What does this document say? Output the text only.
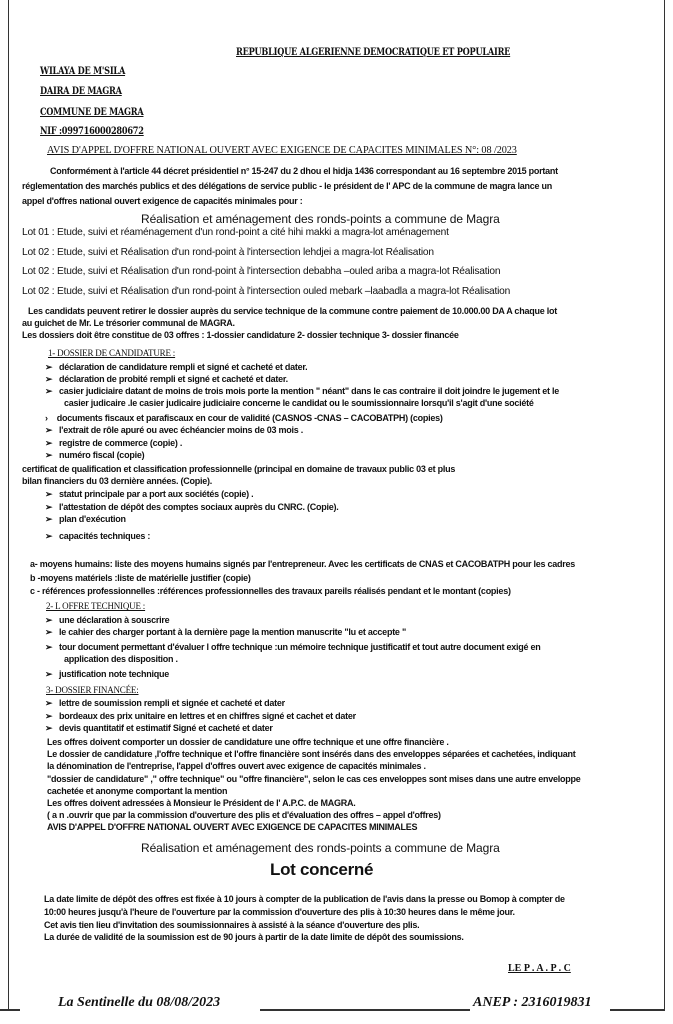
REPUBLIQUE ALGERIENNE DEMOCRATIQUE ET POPULAIRE
WILAYA DE M'SILA
DAIRA DE MAGRA
COMMUNE DE MAGRA
NIF :099716000280672
AVIS D'APPEL D'OFFRE NATIONAL OUVERT AVEC EXIGENCE DE CAPACITES MINIMALES N°: 08 /2023
Conformément à l'article 44 décret présidentiel n° 15-247 du 2 dhou el hidja 1436 correspondant au 16 septembre 2015 portant
réglementation des marchés publics et des délégations de service public - le président de l' APC de la commune de magra lance un
appel d'offres national ouvert exigence de capacités minimales pour :
Réalisation et aménagement des ronds-points a commune de Magra
Lot 01 : Etude, suivi et réaménagement d'un rond-point a cité hihi makki a magra-lot aménagement
Lot 02 : Etude, suivi et Réalisation d'un rond-point à l'intersection lehdjei a magra-lot Réalisation
Lot 02 : Etude, suivi et Réalisation d'un rond-point à l'intersection debabha –ouled ariba a magra-lot Réalisation
Lot 02 : Etude, suivi et Réalisation d'un rond-point à l'intersection ouled mebark –laabadla a magra-lot Réalisation
Les candidats peuvent retirer le dossier auprès du service technique de la commune contre paiement de 10.000.00 DA A chaque lot
au guichet de Mr. Le trésorier communal de MAGRA.
Les dossiers doit être constitue de 03 offres : 1-dossier candidature 2- dossier technique 3- dossier financée
1- DOSSIER DE CANDIDATURE :
➢   déclaration de candidature rempli et signé et cacheté et dater.
➢   déclaration de probité rempli et signé et cacheté et dater.
➢   casier judiciaire datant de moins de trois mois porte la mention " néant" dans le cas contraire il doit joindre le jugement et le
casier judicaire .le casier judicaire judiciaire concerne le candidat ou le soumissionnaire lorsqu'il s'agit d'une société
›    documents fiscaux et parafiscaux en cour de validité (CASNOS -CNAS – CACOBATPH) (copies)
➢   l'extrait de rôle apuré ou avec échéancier moins de 03 mois .
➢   registre de commerce (copie) .
➢   numéro fiscal (copie)
certificat de qualification et classification professionnelle (principal en domaine de travaux public 03 et plus
bilan financiers du 03 dernière années. (Copie).
➢   statut principale par a port aux sociétés (copie) .
➢   l'attestation de dépôt des comptes sociaux auprès du CNRC. (Copie).
➢   plan d'exécution
➢   capacités techniques :
a- moyens humains: liste des moyens humains signés par l'entrepreneur. Avec les certificats de CNAS et CACOBATPH pour les cadres
b -moyens matériels :liste de matérielle justifier (copie)
c - références professionnelles :références professionnelles des travaux pareils réalisés pendant et le montant (copies)
2- L OFFRE TECHNIQUE :
➢   une déclaration à souscrire
➢   le cahier des charger portant à la dernière page la mention manuscrite "lu et accepte "
➢   tour document permettant d'évaluer l offre technique :un mémoire technique justificatif et tout autre document exigé en
application des disposition .
➢   justification note technique
3- DOSSIER FINANCÉE:
➢   lettre de soumission rempli et signée et cacheté et dater
➢   bordeaux des prix unitaire en lettres et en chiffres signé et cachet et dater
➢   devis quantitatif et estimatif Signé et cacheté et dater
Les offres doivent comporter un dossier de candidature une offre technique et une offre financière .
Le dossier de candidature ,l'offre technique et l'offre financière sont insérés dans des enveloppes séparées et cachetées, indiquant
la dénomination de l'entreprise, l'appel d'offres ouvert avec exigence de capacités minimales .
"dossier de candidature" ," offre technique" ou "offre financière", selon le cas ces enveloppes sont mises dans une autre enveloppe
cachetée et anonyme comportant la mention
Les offres doivent adressées à Monsieur le Président de l' A.P.C. de MAGRA.
( a n .ouvrir que par la commission d'ouverture des plis et d'évaluation des offres – appel d'offres)
AVIS D'APPEL D'OFFRE NATIONAL OUVERT AVEC EXIGENCE DE CAPACITES MINIMALES
Réalisation et aménagement des ronds-points a commune de Magra
Lot concerné
La date limite de dépôt des offres est fixée à 10 jours à compter de la publication de l'avis dans la presse ou Bomop à compter de
10:00 heures jusqu'à l'heure de l'ouverture par la commission d'ouverture des plis à 10:30 heures dans le même jour.
Cet avis tien lieu d'invitation des soumissionnaires à assisté à la séance d'ouverture des plis.
La durée de validité de la soumission est de 90 jours à partir de la date limite de dépôt des soumissions.
LE P . A . P . C
La Sentinelle du 08/08/2023	ANEP : 2316019831
